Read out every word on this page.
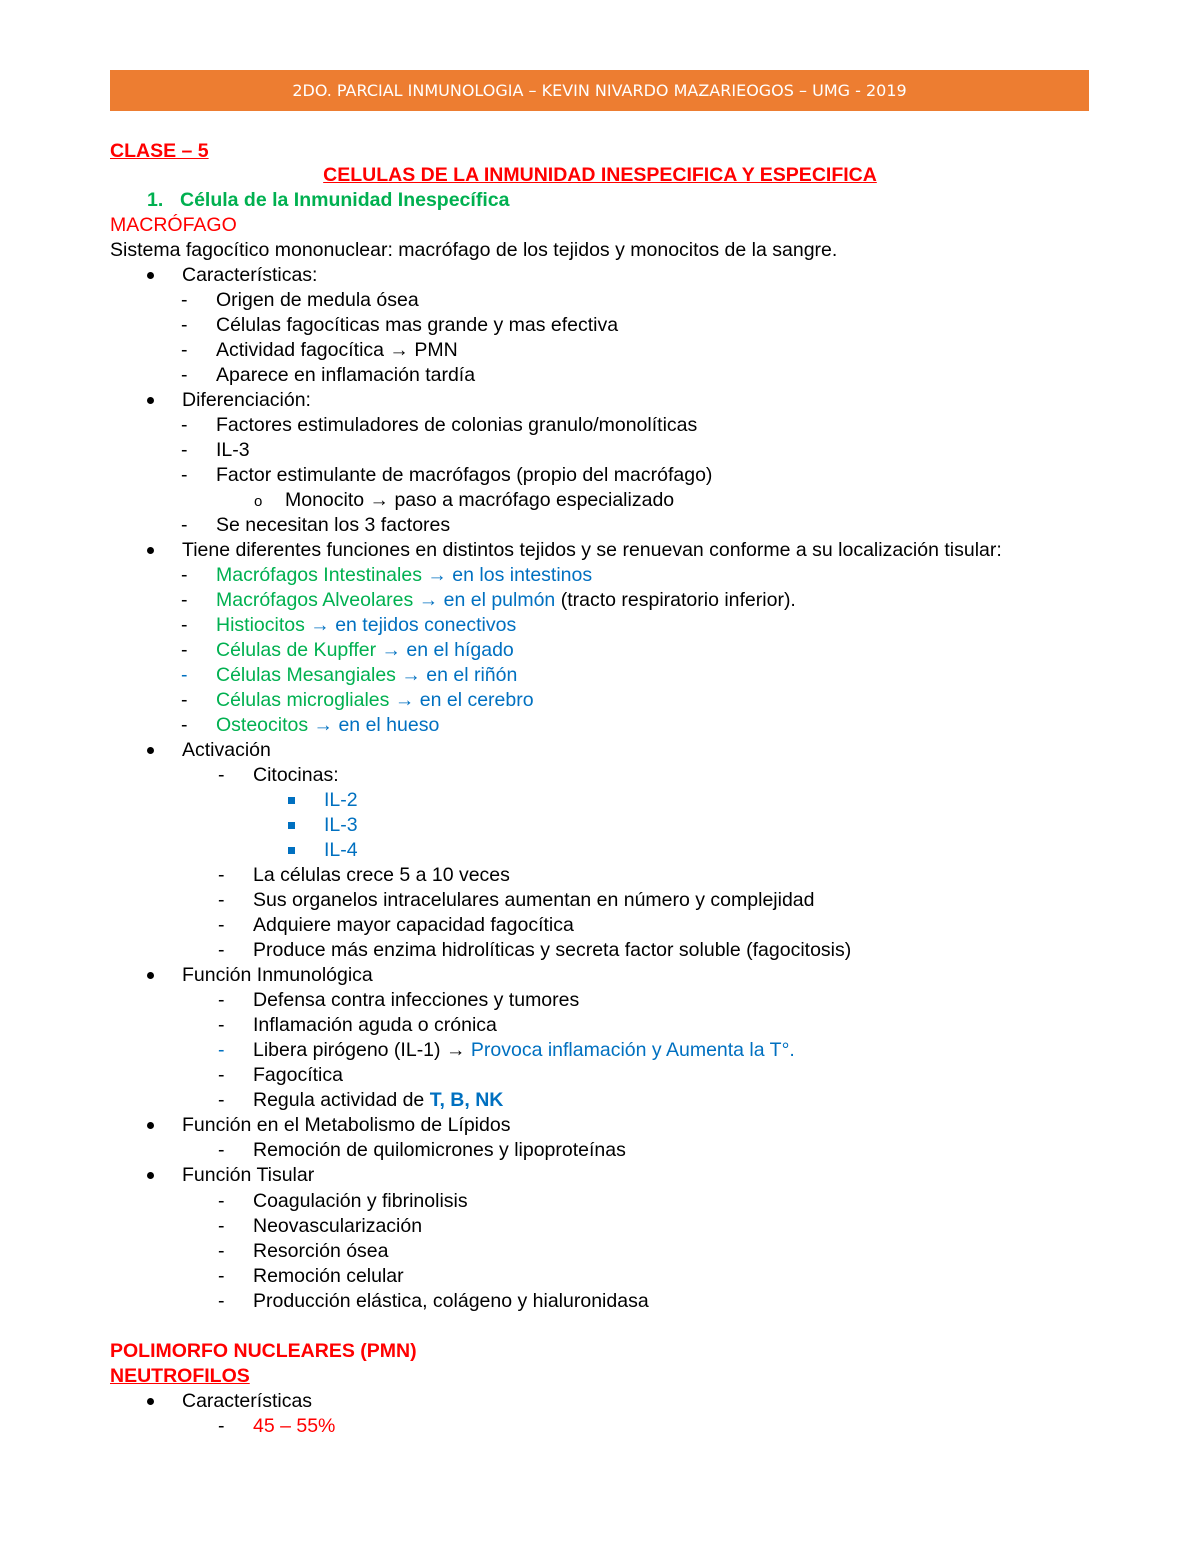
2DO. PARCIAL INMUNOLOGIA – KEVIN NIVARDO MAZARIEOGOS – UMG - 2019
CLASE – 5
CELULAS DE LA INMUNIDAD INESPECIFICA Y ESPECIFICA
1. Célula de la Inmunidad Inespecífica
MACRÓFAGO
Sistema fagocítico mononuclear: macrófago de los tejidos y monocitos de la sangre.
Características:
- Origen de medula ósea
- Células fagocíticas mas grande y mas efectiva
- Actividad fagocítica → PMN
- Aparece en inflamación tardía
Diferenciación:
- Factores estimuladores de colonias granulo/monolíticas
- IL-3
- Factor estimulante de macrófagos (propio del macrófago)
o Monocito → paso a macrófago especializado
- Se necesitan los 3 factores
Tiene diferentes funciones en distintos tejidos y se renuevan conforme a su localización tisular:
- Macrófagos Intestinales → en los intestinos
- Macrófagos Alveolares → en el pulmón (tracto respiratorio inferior).
- Histiocitos → en tejidos conectivos
- Células de Kupffer → en el hígado
- Células Mesangiales → en el riñón
- Células microgliales → en el cerebro
- Osteocitos → en el hueso
Activación
- Citocinas:
IL-2
IL-3
IL-4
- La células crece 5 a 10 veces
- Sus organelos intracelulares aumentan en número y complejidad
- Adquiere mayor capacidad fagocítica
- Produce más enzima hidrolíticas y secreta factor soluble (fagocitosis)
Función Inmunológica
- Defensa contra infecciones y tumores
- Inflamación aguda o crónica
- Libera pirógeno (IL-1) → Provoca inflamación y Aumenta la T°.
- Fagocítica
- Regula actividad de T, B, NK
Función en el Metabolismo de Lípidos
- Remoción de quilomicrones y lipoproteínas
Función Tisular
- Coagulación y fibrinolisis
- Neovascularización
- Resorción ósea
- Remoción celular
- Producción elástica, colágeno y hialuronidasa
POLIMORFO NUCLEARES (PMN)
NEUTROFILOS
Características
- 45 – 55%
